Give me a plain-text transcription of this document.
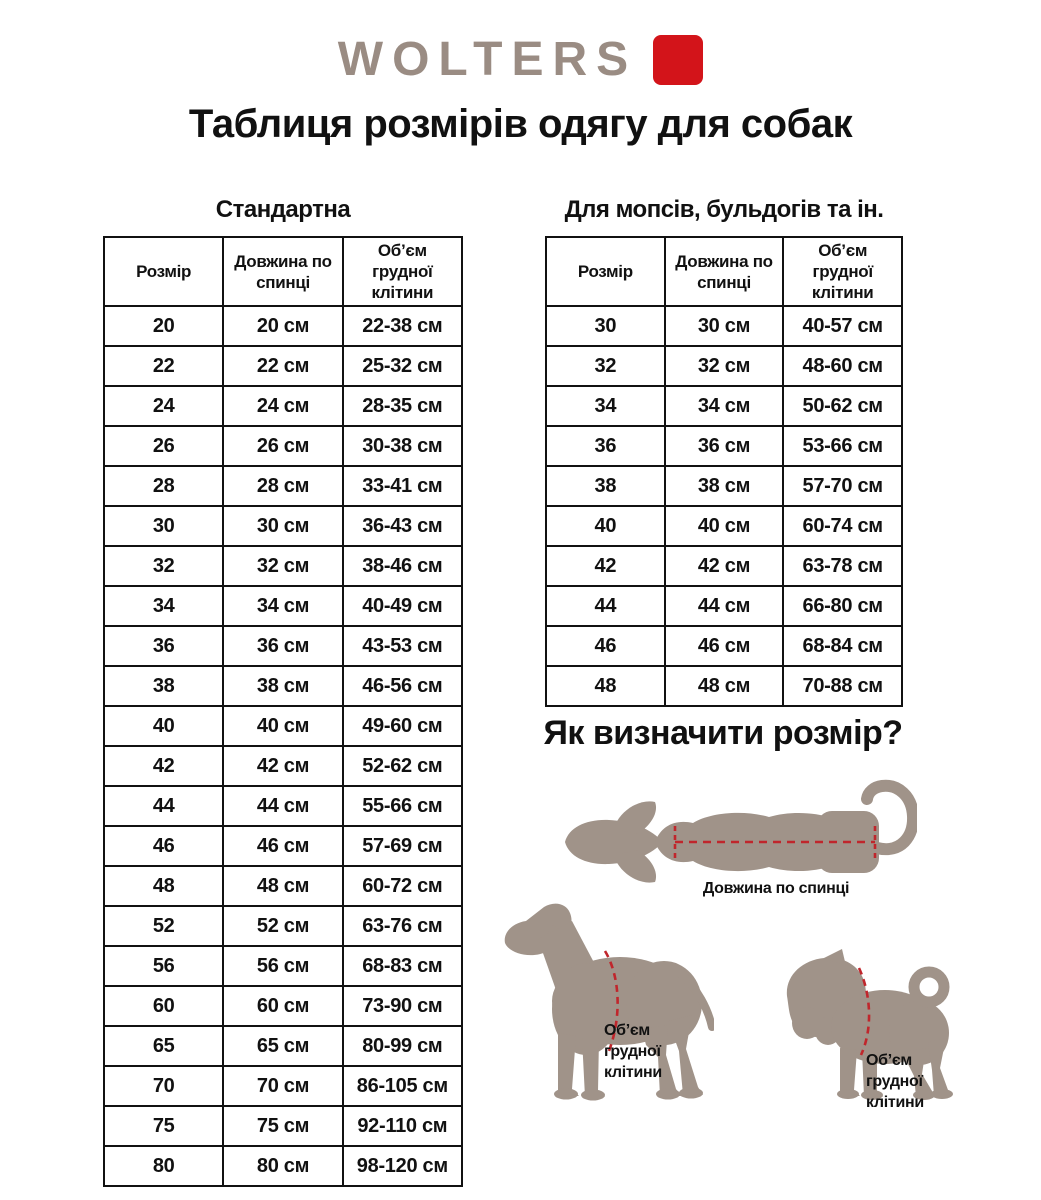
WOLTERS
Таблиця розмірів одягу для собак
Стандартна
Розмір	Довжина по спинці	Об’єм грудної клітини
20	20 см	22-38 см
22	22 см	25-32 см
24	24 см	28-35 см
26	26 см	30-38 см
28	28 см	33-41 см
30	30 см	36-43 см
32	32 см	38-46 см
34	34 см	40-49 см
36	36 см	43-53 см
38	38 см	46-56 см
40	40 см	49-60 см
42	42 см	52-62 см
44	44 см	55-66 см
46	46 см	57-69 см
48	48 см	60-72 см
52	52 см	63-76 см
56	56 см	68-83 см
60	60 см	73-90 см
65	65 см	80-99 см
70	70 см	86-105 см
75	75 см	92-110 см
80	80 см	98-120 см
Для мопсів, бульдогів та ін.
Розмір	Довжина по спинці	Об’єм грудної клітини
30	30 см	40-57 см
32	32 см	48-60 см
34	34 см	50-62 см
36	36 см	53-66 см
38	38 см	57-70 см
40	40 см	60-74 см
42	42 см	63-78 см
44	44 см	66-80 см
46	46 см	68-84 см
48	48 см	70-88 см
Як визначити розмір?
Довжина по спинці
Об’єм
грудної
клітини
Об’єм
грудної
клітини
